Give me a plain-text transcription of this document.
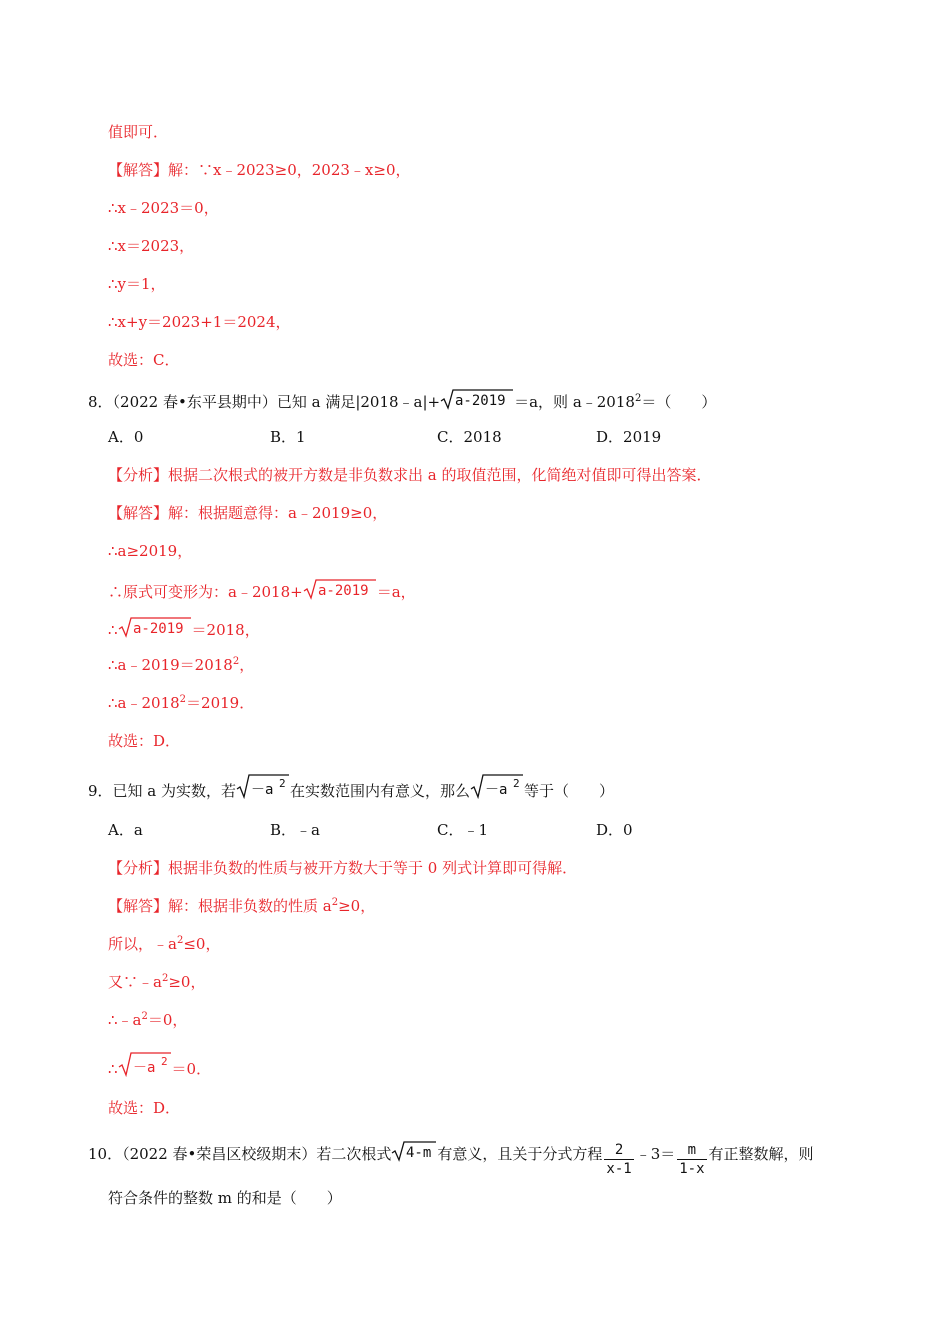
值即可．
【解答】解：∵x﹣2023≥0，2023﹣x≥0，
∴x﹣2023＝0，
∴x＝2023，
∴y＝1，
∴x+y＝2023+1＝2024，
故选：C．
8．（2022 春•东平县期中）已知 a 满足|2018﹣a|+ a-2019 ＝a，则 $a﹣2018^2=$（　　）
A．0	B．1	C．2018	D．2019
【分析】根据二次根式的被开方数是非负数求出 a 的取值范围，化简绝对值即可得出答案．
【解答】解：根据题意得：a﹣2019≥0，
∴a≥2019，
∴原式可变形为：a﹣2018+ a-2019 ＝a，
∴ a-2019 ＝2018，
$\therefore a﹣2019=2018^2$，
$\therefore a﹣2018^2=2019$．
故选：D．
9．已知 a 为实数，若 －a 2 在实数范围内有意义，那么 －a 2 等于（　　）
A．a	B．﹣a	C．﹣1	D．0
【分析】根据非负数的性质与被开方数大于等于 0 列式计算即可得解．
【解答】解：根据非负数的性质 $a^2\ge 0$，
所以，$﹣a^2\le 0$，
又$\because﹣a^2\ge 0$，
$\therefore﹣a^2=0$，
∴ －a 2 ＝0．
故选：D．
10．（2022 春•荣昌区校级期末）若二次根式 4-m 有意义，且关于分式方程 $\frac{2}{x-1}$ ﹣3＝ $\frac{m}{1-x}$ 有正整数解，则
符合条件的整数 m 的和是（　　）
